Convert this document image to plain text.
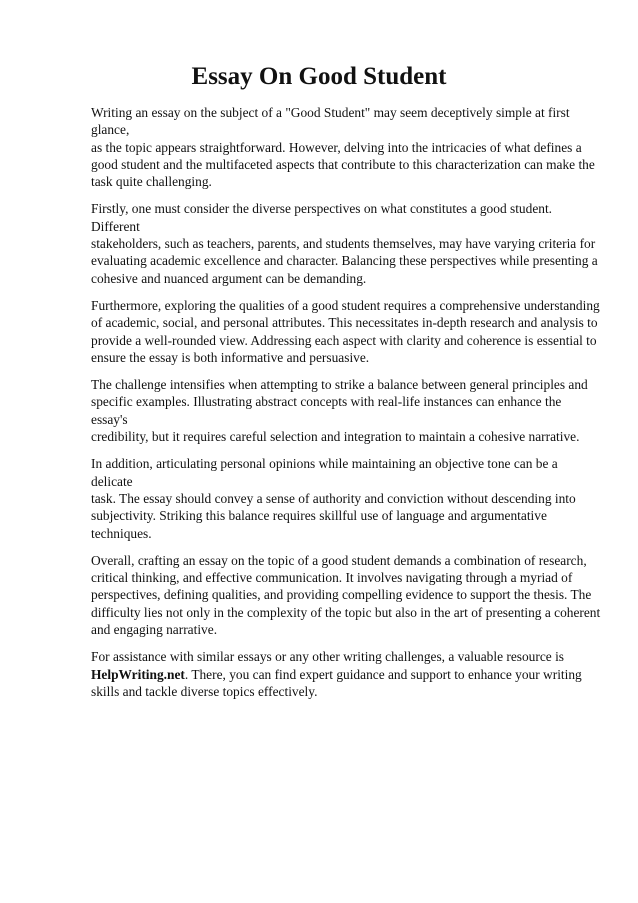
Essay On Good Student

Writing an essay on the subject of a "Good Student" may seem deceptively simple at first glance,
as the topic appears straightforward. However, delving into the intricacies of what defines a
good student and the multifaceted aspects that contribute to this characterization can make the
task quite challenging.

Firstly, one must consider the diverse perspectives on what constitutes a good student. Different
stakeholders, such as teachers, parents, and students themselves, may have varying criteria for
evaluating academic excellence and character. Balancing these perspectives while presenting a
cohesive and nuanced argument can be demanding.

Furthermore, exploring the qualities of a good student requires a comprehensive understanding
of academic, social, and personal attributes. This necessitates in-depth research and analysis to
provide a well-rounded view. Addressing each aspect with clarity and coherence is essential to
ensure the essay is both informative and persuasive.

The challenge intensifies when attempting to strike a balance between general principles and
specific examples. Illustrating abstract concepts with real-life instances can enhance the essay's
credibility, but it requires careful selection and integration to maintain a cohesive narrative.

In addition, articulating personal opinions while maintaining an objective tone can be a delicate
task. The essay should convey a sense of authority and conviction without descending into
subjectivity. Striking this balance requires skillful use of language and argumentative techniques.

Overall, crafting an essay on the topic of a good student demands a combination of research,
critical thinking, and effective communication. It involves navigating through a myriad of
perspectives, defining qualities, and providing compelling evidence to support the thesis. The
difficulty lies not only in the complexity of the topic but also in the art of presenting a coherent
and engaging narrative.

For assistance with similar essays or any other writing challenges, a valuable resource is
HelpWriting.net. There, you can find expert guidance and support to enhance your writing
skills and tackle diverse topics effectively.
